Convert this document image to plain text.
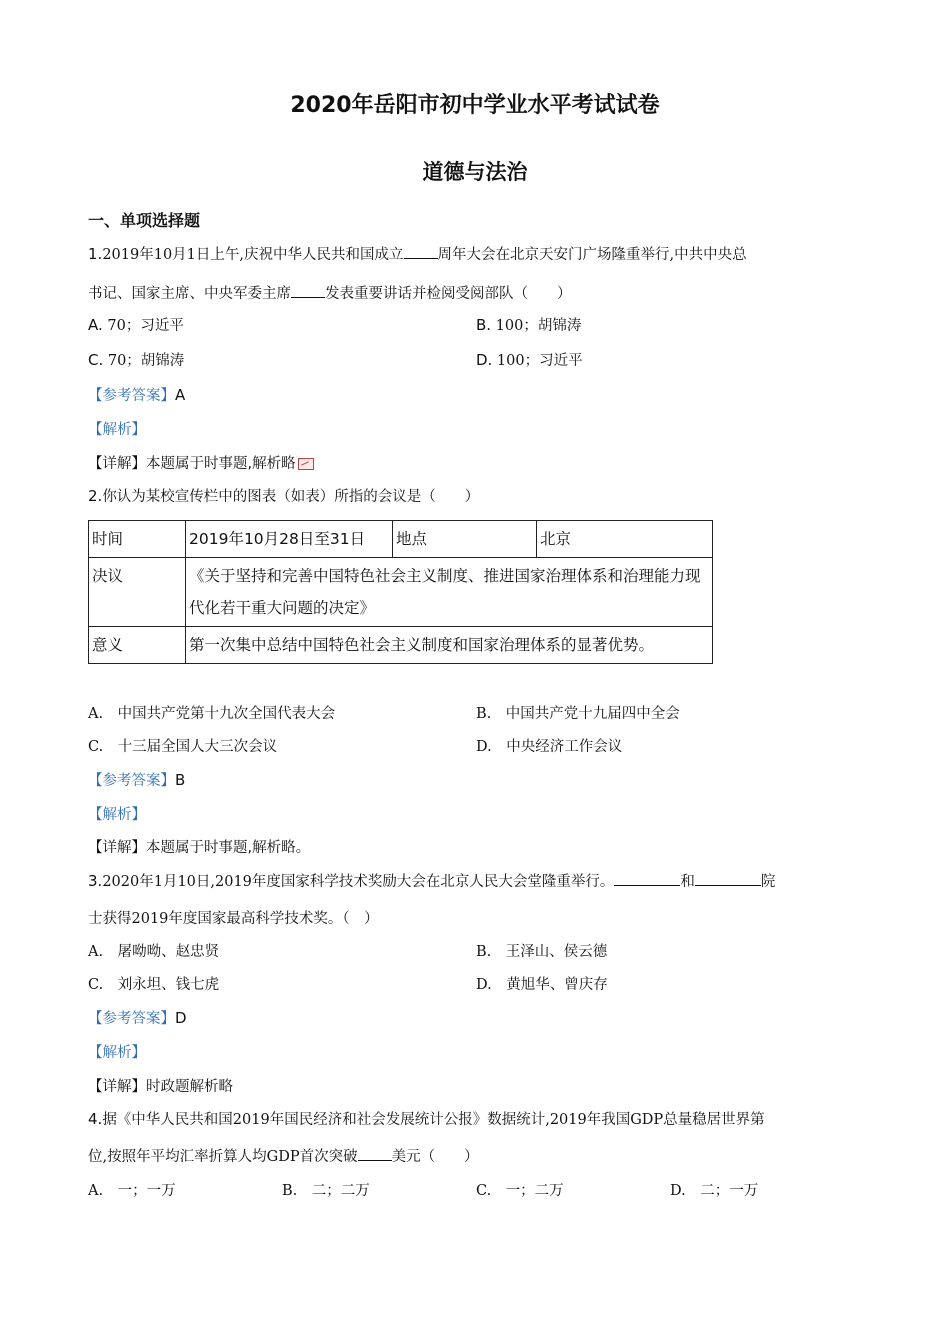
2020年岳阳市初中学业水平考试试卷
道德与法治
一、单项选择题
1.2019年10月1日上午,庆祝中华人民共和国成立 周年大会在北京天安门广场隆重举行,中共中央总
书记、国家主席、中央军委主席 发表重要讲话并检阅受阅部队（　　）
A. 70；习近平	B. 100；胡锦涛
C. 70；胡锦涛	D. 100；习近平
【参考答案】A
【解析】
【详解】本题属于时事题,解析略
2.你认为某校宣传栏中的图表（如表）所指的会议是（　　）
时间	2019年10月28日至31日	地点	北京
决议	《关于坚持和完善中国特色社会主义制度、推进国家治理体系和治理能力现代化若干重大问题的决定》		
意义	第一次集中总结中国特色社会主义制度和国家治理体系的显著优势。		
A.　 中国共产党第十九次全国代表大会	B.　 中国共产党十九届四中全会
C.　 十三届全国人大三次会议	D.　 中央经济工作会议
【参考答案】B
【解析】
【详解】本题属于时事题,解析略。
3.2020年1月10日,2019年度国家科学技术奖励大会在北京人民大会堂隆重举行。	和	院
士获得2019年度国家最高科学技术奖。（　）
A.　 屠呦呦、赵忠贤	B.　 王泽山、侯云德
C.　 刘永坦、钱七虎	D.　 黄旭华、曾庆存
【参考答案】D
【解析】
【详解】时政题解析略
4.据《中华人民共和国2019年国民经济和社会发展统计公报》数据统计,2019年我国GDP总量稳居世界第
位,按照年平均汇率折算人均GDP首次突破 美元（　　）
A.　 一；一万	B.　 二；二万	C.　 一；二万	D.　 二；一万
